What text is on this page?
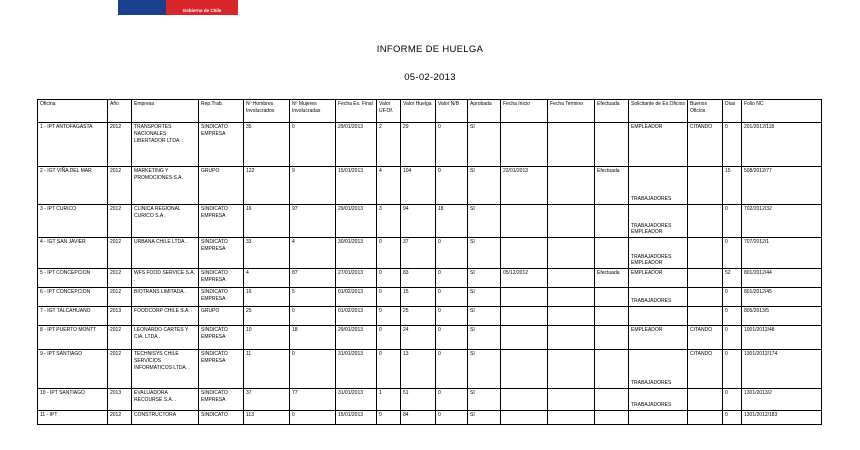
Gobierno de Chile
INFORME DE HUELGA
05-02-2013
Oficina	Año	Empresa	Rep.Trab.	Nº Hombres Involucrados	Nº Mujeres Involucradas	Fecha Ex. Final	Valor UF.Of.	Valor Huelga	Valor N/B	Aprobada	Fecha Inicio	Fecha Termino	Efectuada	Solicitante de Ex.Oficios	Buenos Oficios	Días	Folio NC
1 - IPT ANTOFAGASTA	2012	TRANSPORTES NACIONALES LIBERTADOR LTDA. .	SINDICATO EMPRESA	35	0	29/01/2013	2	29	0	SI				EMPLEADOR	CITANDO	0	201/2012/118
2 - IGT VIÑA DEL MAR	2012	MARKETING Y PROMOCIONES S.A.	GRUPO	122	9	15/01/2013	4	104	0	SI	22/01/2013		Efectuada	TRABAJADORES		15	508/2012/77
3 - IPT CURICO	2012	CLINICA REGIONAL CURICO S.A .	SINDICATO EMPRESA	16	97	29/01/2013	3	94	18	SI				TRABAJADORES EMPLEADOR		0	702/2012/32
4 - IGT SAN JAVIER	2012	URBANA CHILE LTDA. .	SINDICATO EMPRESA	33	4	30/01/2013	0	37	0	SI				TRABAJADORES EMPLEADOR		0	707/2012/1
5 - IPT CONCEPCION	2012	WFS FOOD SERVICE S.A. .	SINDICATO EMPRESA	4	87	27/01/2013	0	83	0	SI	05/12/2012		Efectuada	EMPLEADOR		52	801/2012/44
6 - IPT CONCEPCION	2012	BIOTRANS LIMITADA .	SINDICATO EMPRESA	16	5	01/02/2013	0	15	0	SI				TRABAJADORES		0	801/2012/45
7 - IGT TALCAHUANO	2013	FOODCORP CHILE S.A. .	GRUPO	25	0	01/02/2013	0	25	0	SI						0	805/2013/5
8 - IPT PUERTO MONTT	2012	LEONARDO CARTES Y CIA. LTDA .	SINDICATO EMPRESA	10	18	29/01/2013	0	24	0	SI				EMPLEADOR	CITANDO	0	1001/2012/48
9 - IPT SANTIAGO	2012	TECHNISYS CHILE SERVICIOS INFORMATICOS LTDA. .	SINDICATO EMPRESA	11	0	31/01/2013	0	13	0	SI				TRABAJADORES	CITANDO	0	1301/2012/174
10 - IPT SANTIAGO	2013	EVALUADORA RECOURSE S.A. .	SINDICATO EMPRESA	37	77	31/01/2013	1	51	0	SI				TRABAJADORES		0	1301/2013/2
11 - IPT	2012	CONSTRUCTORA	SINDICATO	113	0	15/01/2013	0	84	0	SI						0	1301/2012/183
